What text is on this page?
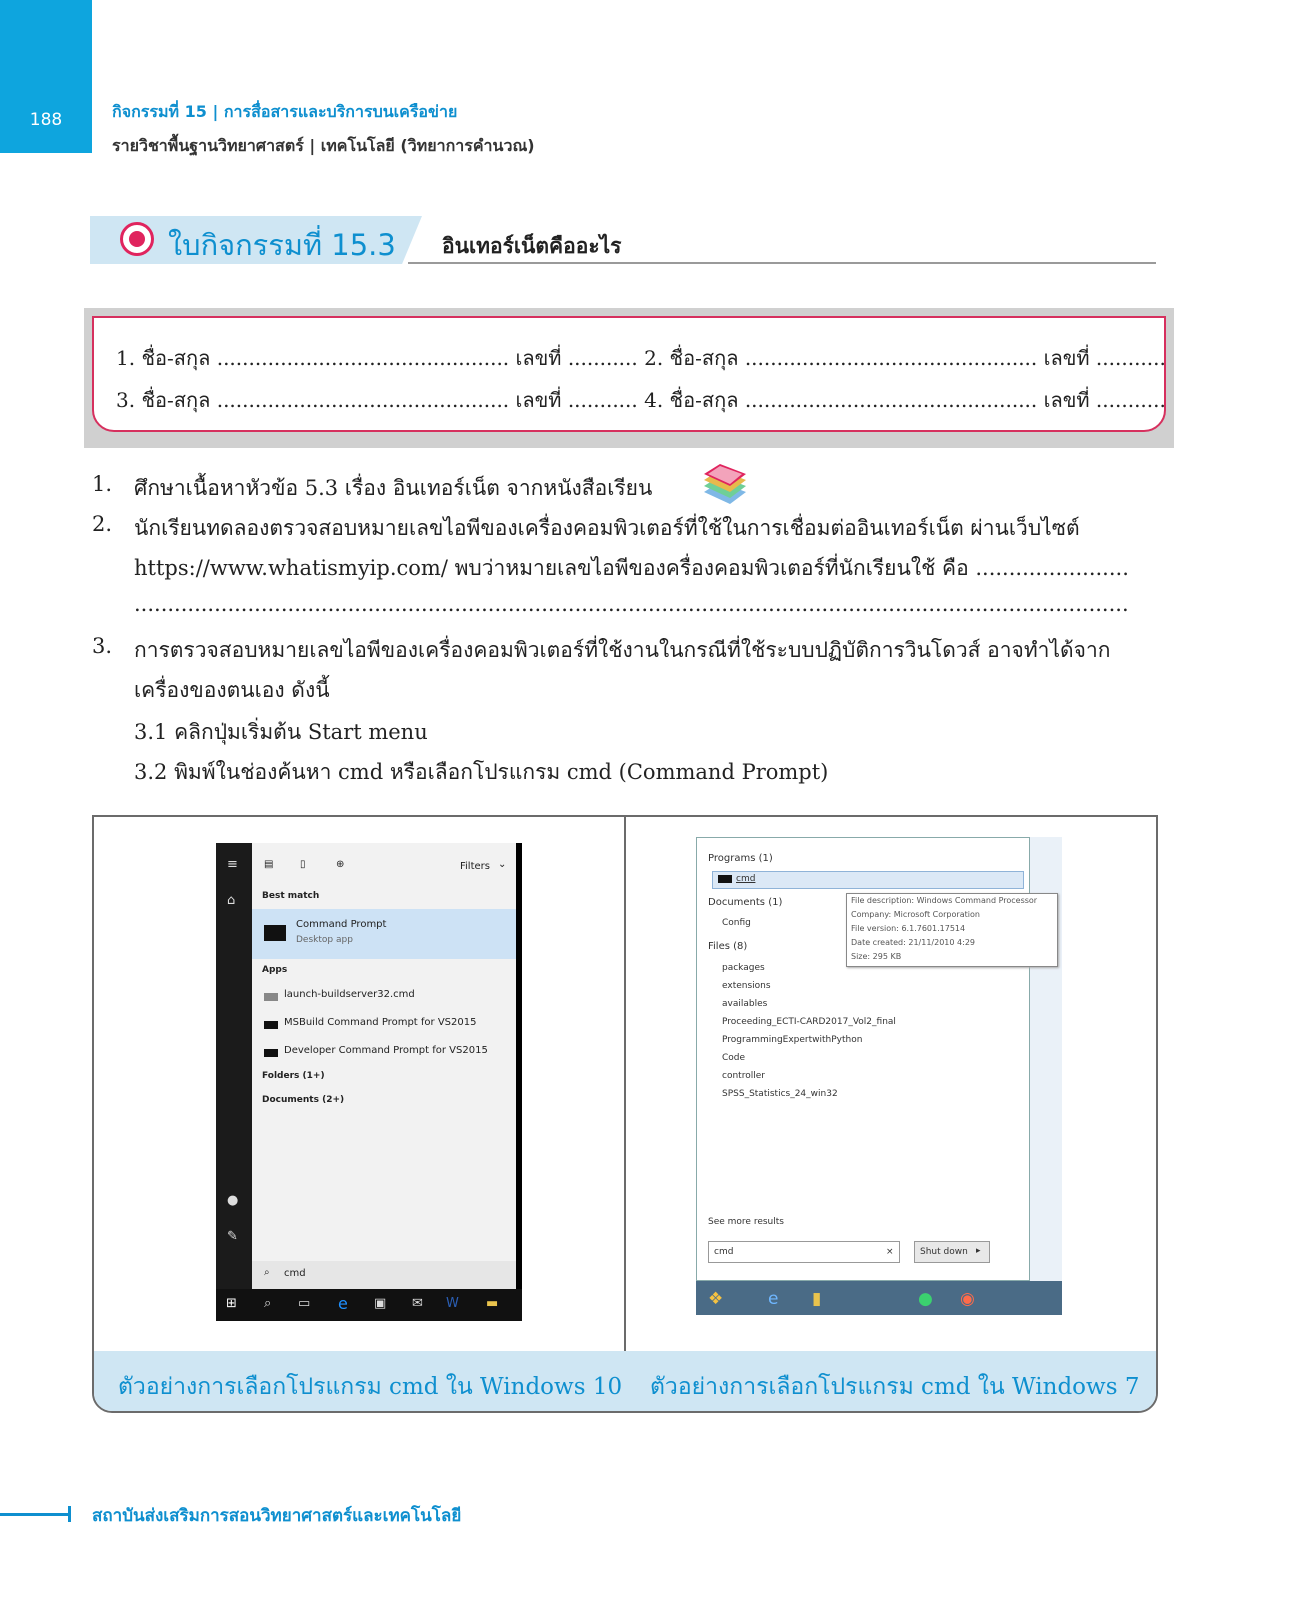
188	กิจกรรมที่ 15 | การสื่อสารและบริการบนเครือข่าย
รายวิชาพื้นฐานวิทยาศาสตร์ | เทคโนโลยี (วิทยาการคำนวณ)
ใบกิจกรรมที่ 15.3 อินเทอร์เน็ตคืออะไร
1. ชื่อ-สกุล .............................................. เลขที่ ........... 2. ชื่อ-สกุล .............................................. เลขที่ ...........
3. ชื่อ-สกุล .............................................. เลขที่ ........... 4. ชื่อ-สกุล .............................................. เลขที่ ...........
1. ศึกษาเนื้อหาหัวข้อ 5.3 เรื่อง อินเทอร์เน็ต จากหนังสือเรียน
2. นักเรียนทดลองตรวจสอบหมายเลขไอพีของเครื่องคอมพิวเตอร์ที่ใช้ในการเชื่อมต่ออินเทอร์เน็ต ผ่านเว็บไซต์
https://www.whatismyip.com/ พบว่าหมายเลขไอพีของครื่องคอมพิวเตอร์ที่นักเรียนใช้ คือ .......................
.....................................................................................................................................................
3. การตรวจสอบหมายเลขไอพีของเครื่องคอมพิวเตอร์ที่ใช้งานในกรณีที่ใช้ระบบปฏิบัติการวินโดวส์ อาจทำได้จาก
เครื่องของตนเอง ดังนี้
3.1 คลิกปุ่มเริ่มต้น Start menu
3.2 พิมพ์ในช่องค้นหา cmd หรือเลือกโปรแกรม cmd (Command Prompt)
≡
⌂
●
✎
▤	▯	⊕	Filters ⌄
Best match
Command Prompt
Desktop app
Apps
launch-buildserver32.cmd
MSBuild Command Prompt for VS2015
Developer Command Prompt for VS2015
Folders (1+)
Documents (2+)
⌕ cmd
⊞ ⌕ ▭ e ▣ ✉ W ▬
Programs (1)
cmd
Documents (1)
Config
Files (8)
packages
extensions
availables
Proceeding_ECTI-CARD2017_Vol2_final
ProgrammingExpertwithPython
Code
controller
SPSS_Statistics_24_win32
File description: Windows Command Processor
Company: Microsoft Corporation
File version: 6.1.7601.17514
Date created: 21/11/2010 4:29
Size: 295 KB
See more results
cmd	×	Shut down ▸
❖	e ▮	● ◉
ตัวอย่างการเลือกโปรแกรม cmd ใน Windows 10 ตัวอย่างการเลือกโปรแกรม cmd ใน Windows 7
สถาบันส่งเสริมการสอนวิทยาศาสตร์และเทคโนโลยี
